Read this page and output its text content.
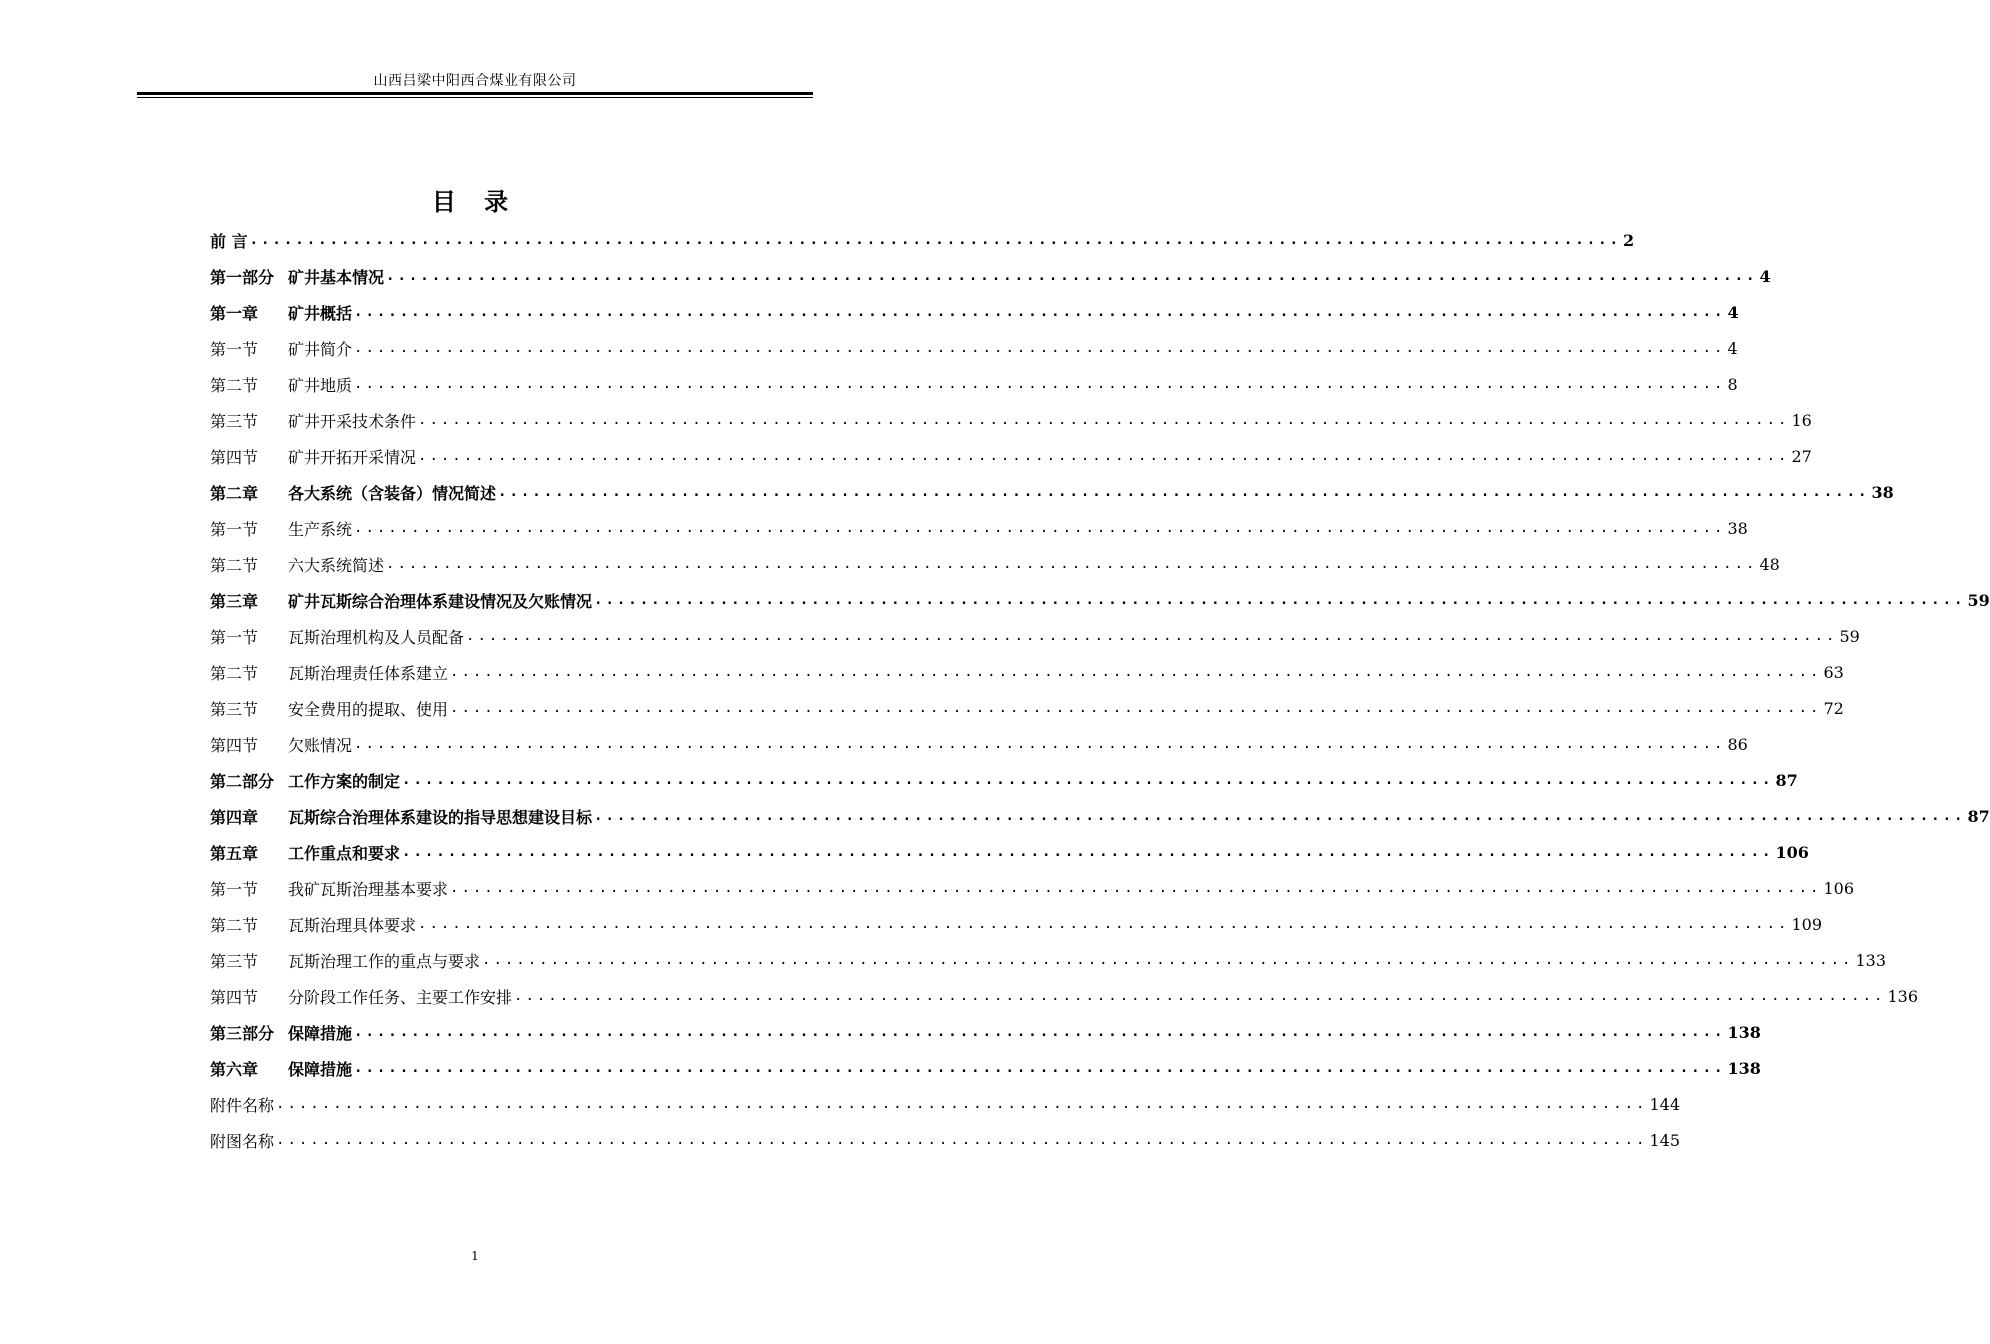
山西吕梁中阳西合煤业有限公司
目 录
前 言 ........................................................................................................................ 2
第一部分 矿井基本情况 ........................................................................................................................ 4
第一章 矿井概括 ........................................................................................................................ 4
第一节 矿井简介 ........................................................................................................................ 4
第二节 矿井地质 ........................................................................................................................ 8
第三节 矿井开采技术条件 ........................................................................................................................ 16
第四节 矿井开拓开采情况 ........................................................................................................................ 27
第二章 各大系统（含装备）情况简述 ........................................................................................................................ 38
第一节 生产系统 ........................................................................................................................ 38
第二节 六大系统简述 ........................................................................................................................ 48
第三章 矿井瓦斯综合治理体系建设情况及欠账情况 ........................................................................................................................ 59
第一节 瓦斯治理机构及人员配备 ........................................................................................................................ 59
第二节 瓦斯治理责任体系建立 ........................................................................................................................ 63
第三节 安全费用的提取、使用 ........................................................................................................................ 72
第四节 欠账情况 ........................................................................................................................ 86
第二部分 工作方案的制定 ........................................................................................................................ 87
第四章 瓦斯综合治理体系建设的指导思想建设目标 ........................................................................................................................ 87
第五章 工作重点和要求 ........................................................................................................................ 106
第一节 我矿瓦斯治理基本要求 ........................................................................................................................ 106
第二节 瓦斯治理具体要求 ........................................................................................................................ 109
第三节 瓦斯治理工作的重点与要求 ........................................................................................................................ 133
第四节 分阶段工作任务、主要工作安排 ........................................................................................................................ 136
第三部分 保障措施 ........................................................................................................................ 138
第六章 保障措施 ........................................................................................................................ 138
附件名称 ........................................................................................................................ 144
附图名称 ........................................................................................................................ 145
1
